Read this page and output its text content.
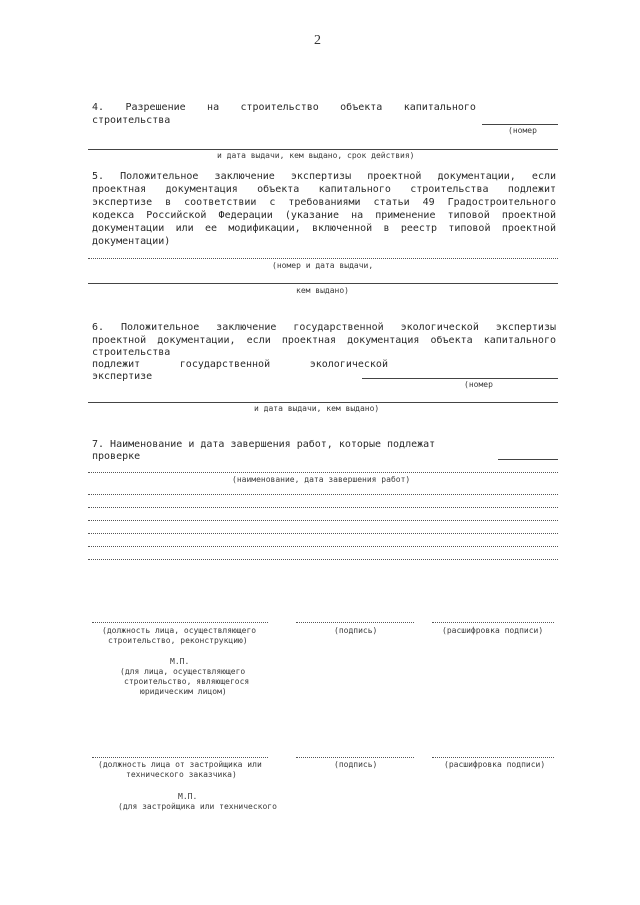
2
4. Разрешение на строительство объекта капитального
строительства
(номер
и дата выдачи, кем выдано, срок действия)
5. Положительное заключение экспертизы проектной документации, если
проектная документация объекта капитального строительства подлежит
экспертизе в соответствии с требованиями статьи 49 Градостроительного
кодекса Российской Федерации (указание на применение типовой проектной
документации или ее модификации, включенной в реестр типовой проектной
документации)
(номер и дата выдачи,
кем выдано)
6. Положительное заключение государственной экологической экспертизы
проектной документации, если проектная документация объекта капитального
строительства
подлежит	государственной	экологической
экспертизе
(номер
и дата выдачи, кем выдано)
7. Наименование и дата завершения работ, которые подлежат
проверке
(наименование, дата завершения работ)
(должность лица, осуществляющего
строительство, реконструкцию)
(подпись)	(расшифровка подписи)
М.П.
(для лица, осуществляющего
строительство, являющегося
юридическим лицом)
(должность лица от застройщика или
технического заказчика)
(подпись)	(расшифровка подписи)
М.П.
(для застройщика или технического
